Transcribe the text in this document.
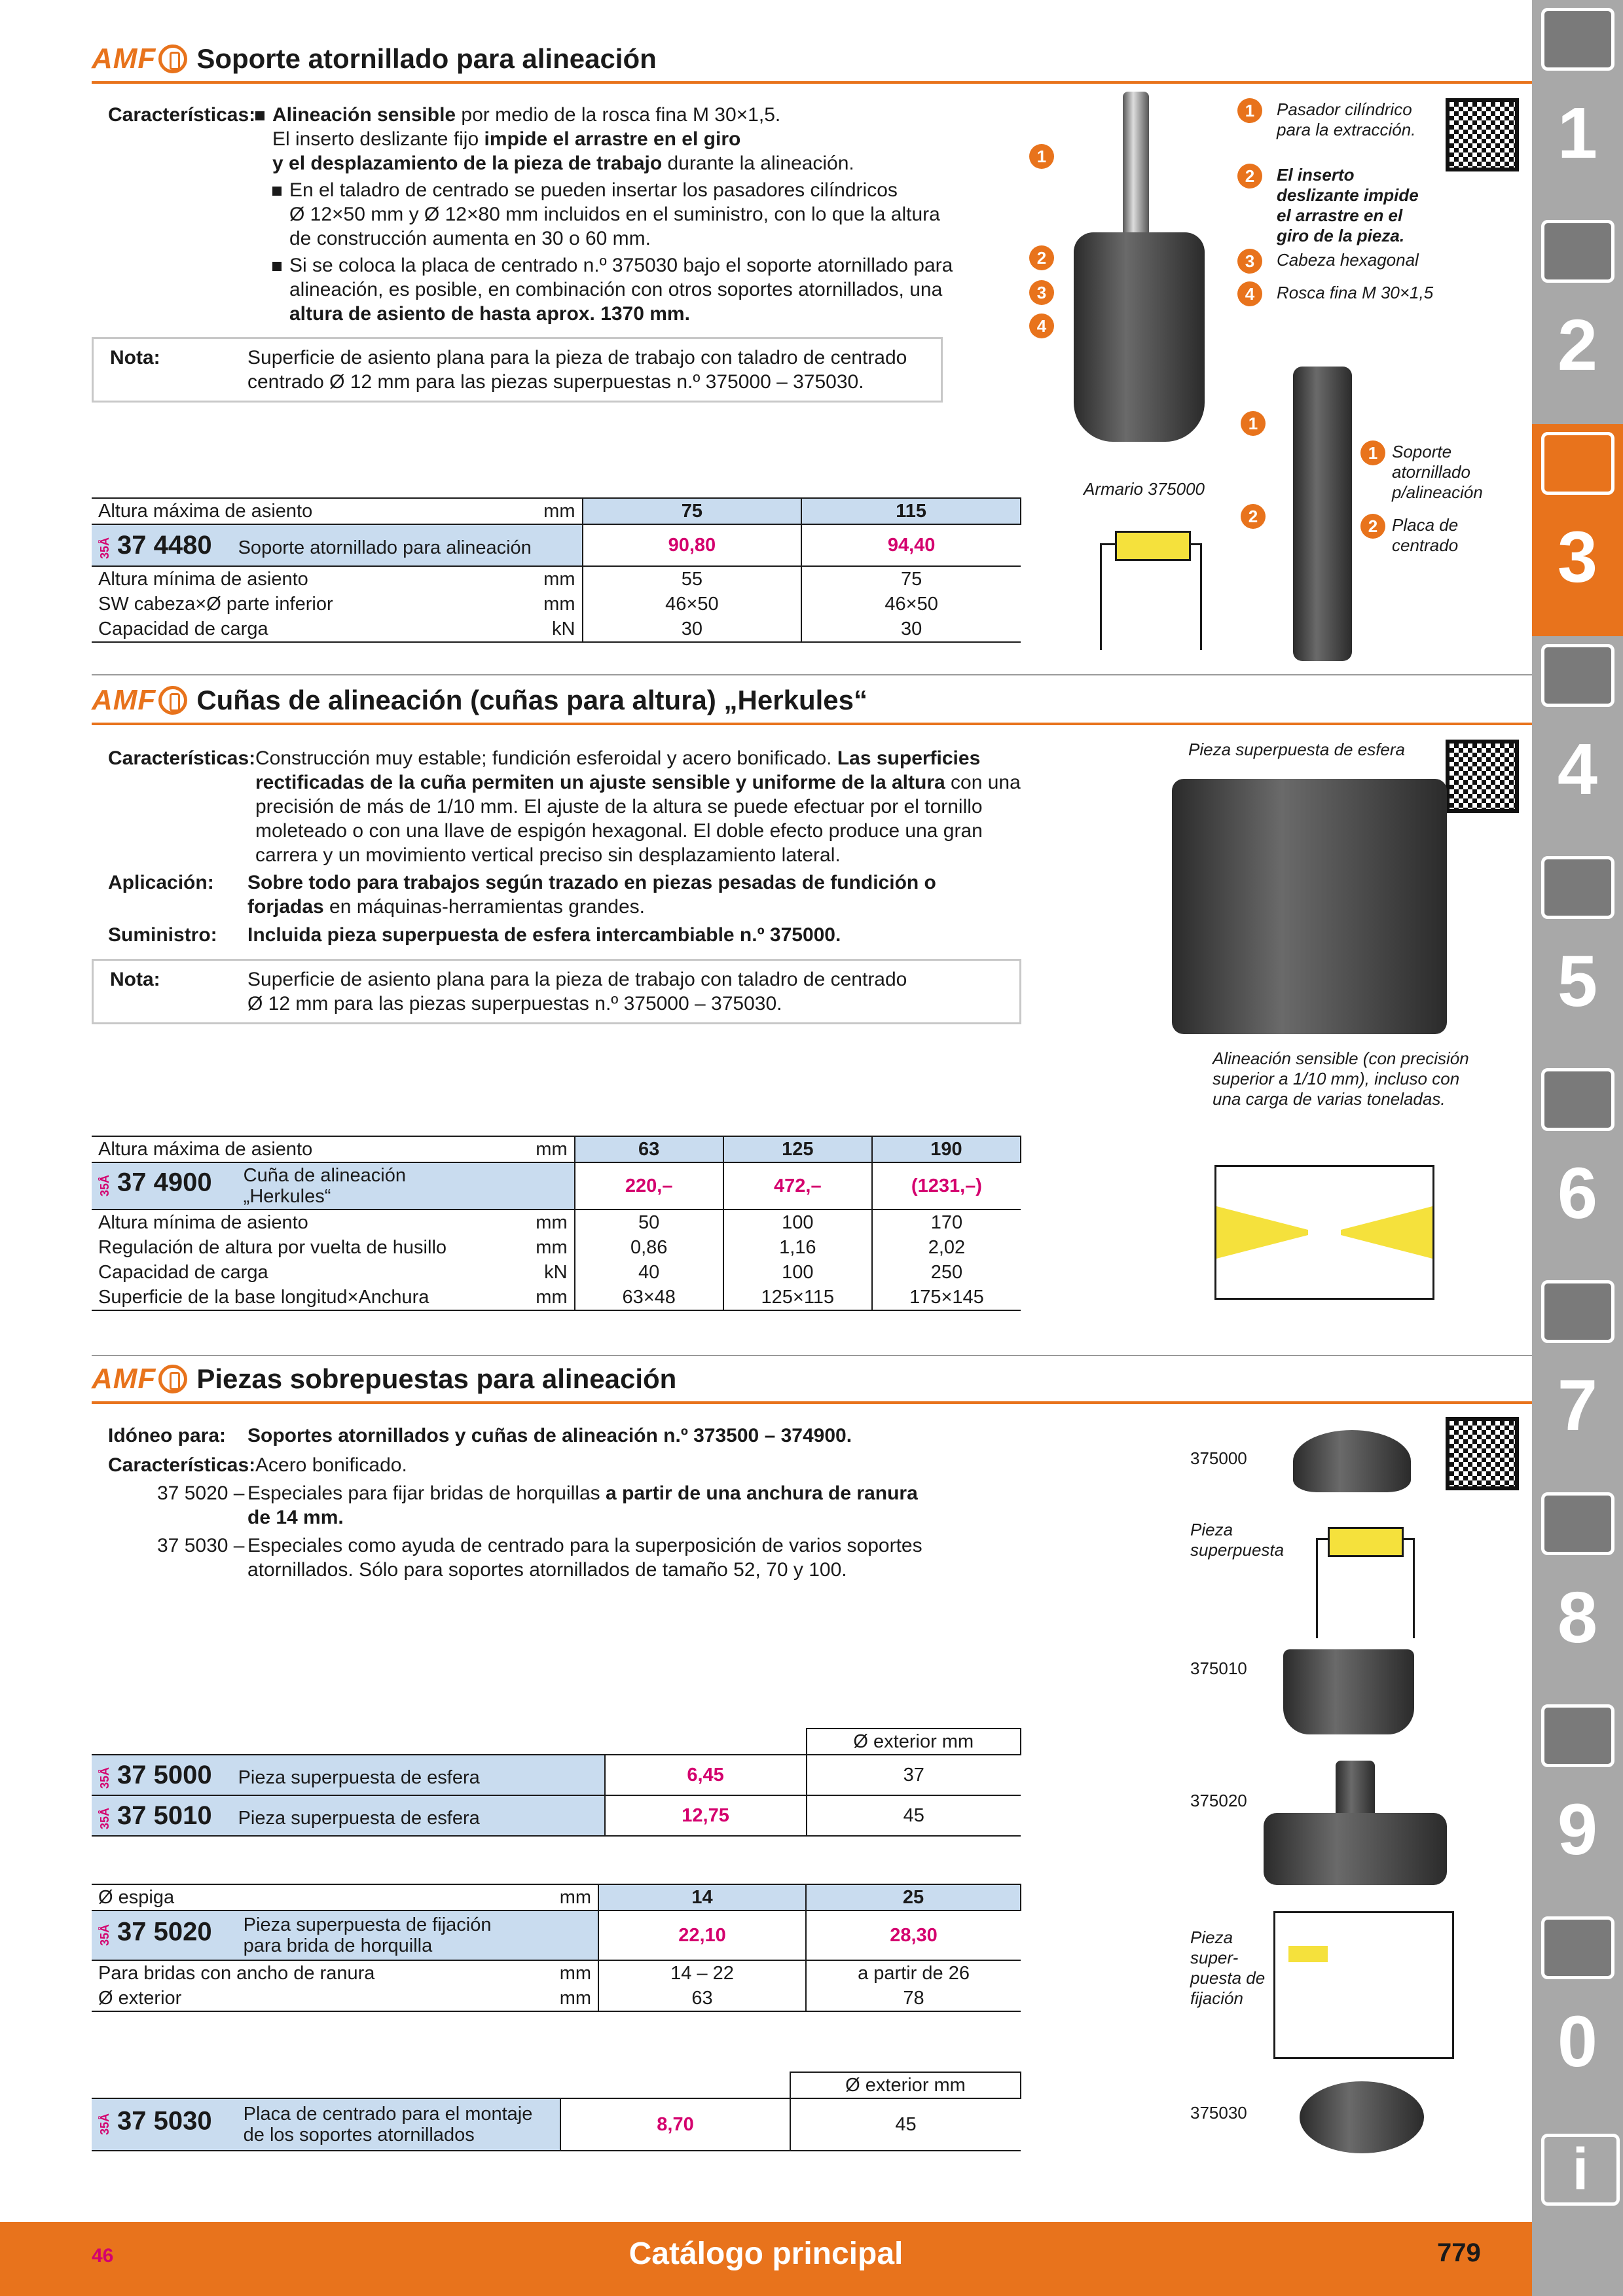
AMF Soporte atornillado para alineación
Características: Alineación sensible por medio de la rosca fina M 30×1,5.
El inserto deslizante fijo impide el arrastre en el giro
y el desplazamiento de la pieza de trabajo durante la alineación.
En el taladro de centrado se pueden insertar los pasadores cilíndricos
Ø 12×50 mm y Ø 12×80 mm incluidos en el suministro, con lo que la altura
de construcción aumenta en 30 o 60 mm.
Si se coloca la placa de centrado n.º 375030 bajo el soporte atornillado para
alineación, es posible, en combinación con otros soportes atornillados, una
altura de asiento de hasta aprox. 1370 mm.
Nota:	Superficie de asiento plana para la pieza de trabajo con taladro de centrado
centrado Ø 12 mm para las piezas superpuestas n.º 375000 – 375030.
1
2
3
4
1	Pasador cilíndrico para la extracción.
2	El inserto deslizante impide el arrastre en el giro de la pieza.
3	Cabeza hexagonal
4	Rosca fina M 30×1,5
1
2
1 Soporte atornillado p/alineación
2 Placa de centrado
Armario 375000
Altura máxima de asiento	mm	75	115
35Å 37 4480 Soporte atornillado para alineación		90,80	94,40
Altura mínima de asiento	mm	55	75
SW cabeza×Ø parte inferior	mm	46×50	46×50
Capacidad de carga	kN	30	30
AMF Cuñas de alineación (cuñas para altura) „Herkules“
Características: Construcción muy estable; fundición esferoidal y acero bonificado. Las superficies
rectificadas de la cuña permiten un ajuste sensible y uniforme de la altura con una
precisión de más de 1/10 mm. El ajuste de la altura se puede efectuar por el tornillo
moleteado o con una llave de espigón hexagonal. El doble efecto produce una gran
carrera y un movimiento vertical preciso sin desplazamiento lateral.
Aplicación: Sobre todo para trabajos según trazado en piezas pesadas de fundición o
forjadas en máquinas-herramientas grandes.
Suministro: Incluida pieza superpuesta de esfera intercambiable n.º 375000.
Nota:	Superficie de asiento plana para la pieza de trabajo con taladro de centrado
Ø 12 mm para las piezas superpuestas n.º 375000 – 375030.
Pieza superpuesta de esfera
Alineación sensible (con precisión superior a 1/10 mm), incluso con una carga de varias toneladas.
Altura máxima de asiento	mm	63	125	190
35Å 37 4900 Cuña de alineación
„Herkules“		220,–	472,–	(1231,–)
Altura mínima de asiento	mm	50	100	170
Regulación de altura por vuelta de husillo	mm	0,86	1,16	2,02
Capacidad de carga	kN	40	100	250
Superficie de la base longitud×Anchura	mm	63×48	125×115	175×145
AMF Piezas sobrepuestas para alineación
Idóneo para: Soportes atornillados y cuñas de alineación n.º 373500 – 374900.
Características: Acero bonificado.
37 5020 – Especiales para fijar bridas de horquillas a partir de una anchura de ranura
de 14 mm.
37 5030 – Especiales como ayuda de centrado para la superposición de varios soportes
atornillados. Sólo para soportes atornillados de tamaño 52, 70 y 100.
375000
Pieza superpuesta
375010
375020
Pieza super-puesta de fijación
375030
				Ø exterior mm
35Å 37 5000 Pieza superpuesta de esfera			6,45	37
35Å 37 5010 Pieza superpuesta de esfera			12,75	45
Ø espiga	mm	14	25
35Å 37 5020 Pieza superpuesta de fijación
para brida de horquilla		22,10	28,30
Para bridas con ancho de ranura	mm	14 – 22	a partir de 26
Ø exterior	mm	63	78
		Ø exterior mm
35Å 37 5030 Placa de centrado para el montaje
de los soportes atornillados	8,70	45
1
2
3
4
5
6
7
8
9
0
i
46	Catálogo principal	779
